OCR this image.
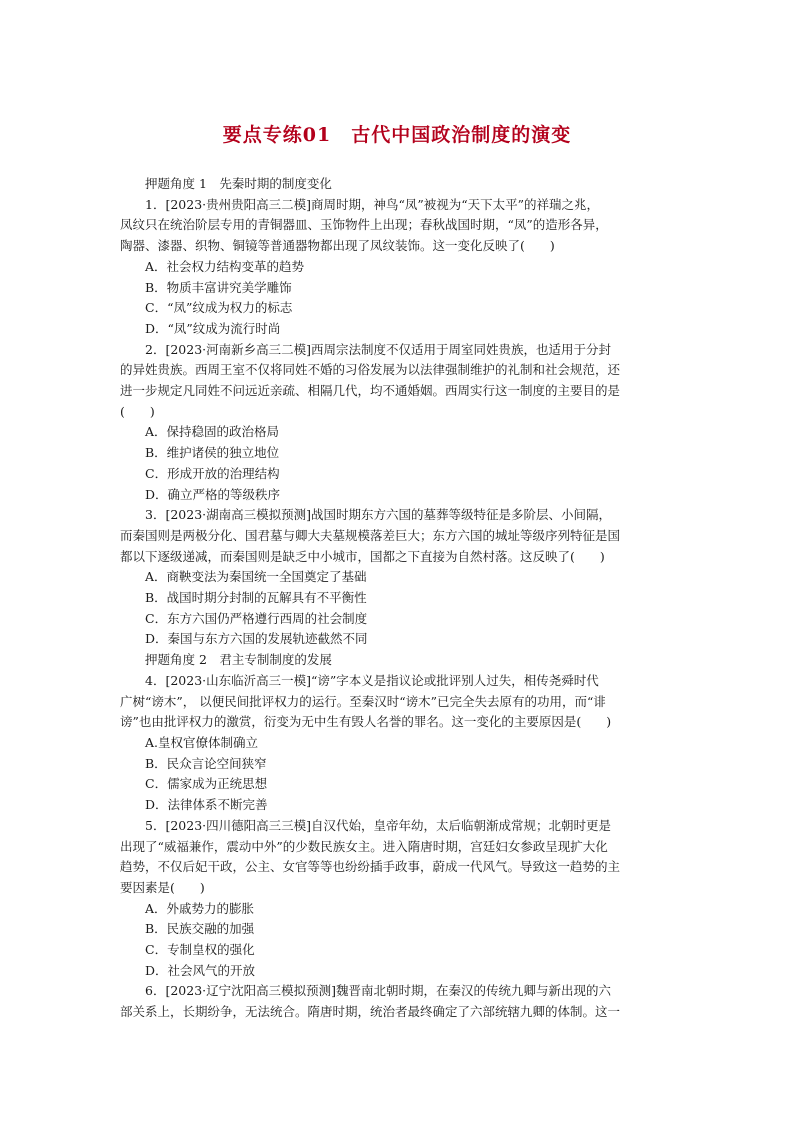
要点专练01　古代中国政治制度的演变
押题角度 1　先秦时期的制度变化
1．[2023·贵州贵阳高三二模]商周时期，神鸟“凤”被视为“天下太平”的祥瑞之兆，
凤纹只在统治阶层专用的青铜器皿、玉饰物件上出现；春秋战国时期，“凤”的造形各异，
陶器、漆器、织物、铜镜等普通器物都出现了凤纹装饰。这一变化反映了(　　)
A．社会权力结构变革的趋势
B．物质丰富讲究美学雕饰
C．“凤”纹成为权力的标志
D．“凤”纹成为流行时尚
2．[2023·河南新乡高三二模]西周宗法制度不仅适用于周室同姓贵族，也适用于分封
的异姓贵族。西周王室不仅将同姓不婚的习俗发展为以法律强制维护的礼制和社会规范，还
进一步规定凡同姓不问远近亲疏、相隔几代，均不通婚姻。西周实行这一制度的主要目的是
(　　)
A．保持稳固的政治格局
B．维护诸侯的独立地位
C．形成开放的治理结构
D．确立严格的等级秩序
3．[2023·湖南高三模拟预测]战国时期东方六国的墓葬等级特征是多阶层、小间隔，
而秦国则是两极分化、国君墓与卿大夫墓规模落差巨大；东方六国的城址等级序列特征是国
都以下逐级递减，而秦国则是缺乏中小城市，国都之下直接为自然村落。这反映了(　　)
A．商鞅变法为秦国统一全国奠定了基础
B．战国时期分封制的瓦解具有不平衡性
C．东方六国仍严格遵行西周的社会制度
D．秦国与东方六国的发展轨迹截然不同
押题角度 2　君主专制制度的发展
4．[2023·山东临沂高三一模]“谤”字本义是指议论或批评别人过失，相传尧舜时代
广树“谤木”， 以便民间批评权力的运行。至秦汉时“谤木”已完全失去原有的功用，而“诽
谤”也由批评权力的激赏，衍变为无中生有毁人名誉的罪名。这一变化的主要原因是(　　)
A.皇权官僚体制确立
B．民众言论空间狭窄
C．儒家成为正统思想
D．法律体系不断完善
5．[2023·四川德阳高三三模]自汉代始，皇帝年幼，太后临朝渐成常规；北朝时更是
出现了“威福兼作，震动中外”的少数民族女主。进入隋唐时期，宫廷妇女参政呈现扩大化
趋势，不仅后妃干政，公主、女官等等也纷纷插手政事，蔚成一代风气。导致这一趋势的主
要因素是(　　)
A．外戚势力的膨胀
B．民族交融的加强
C．专制皇权的强化
D．社会风气的开放
6．[2023·辽宁沈阳高三模拟预测]魏晋南北朝时期，在秦汉的传统九卿与新出现的六
部关系上，长期纷争，无法统合。隋唐时期，统治者最终确定了六部统辖九卿的体制。这一
